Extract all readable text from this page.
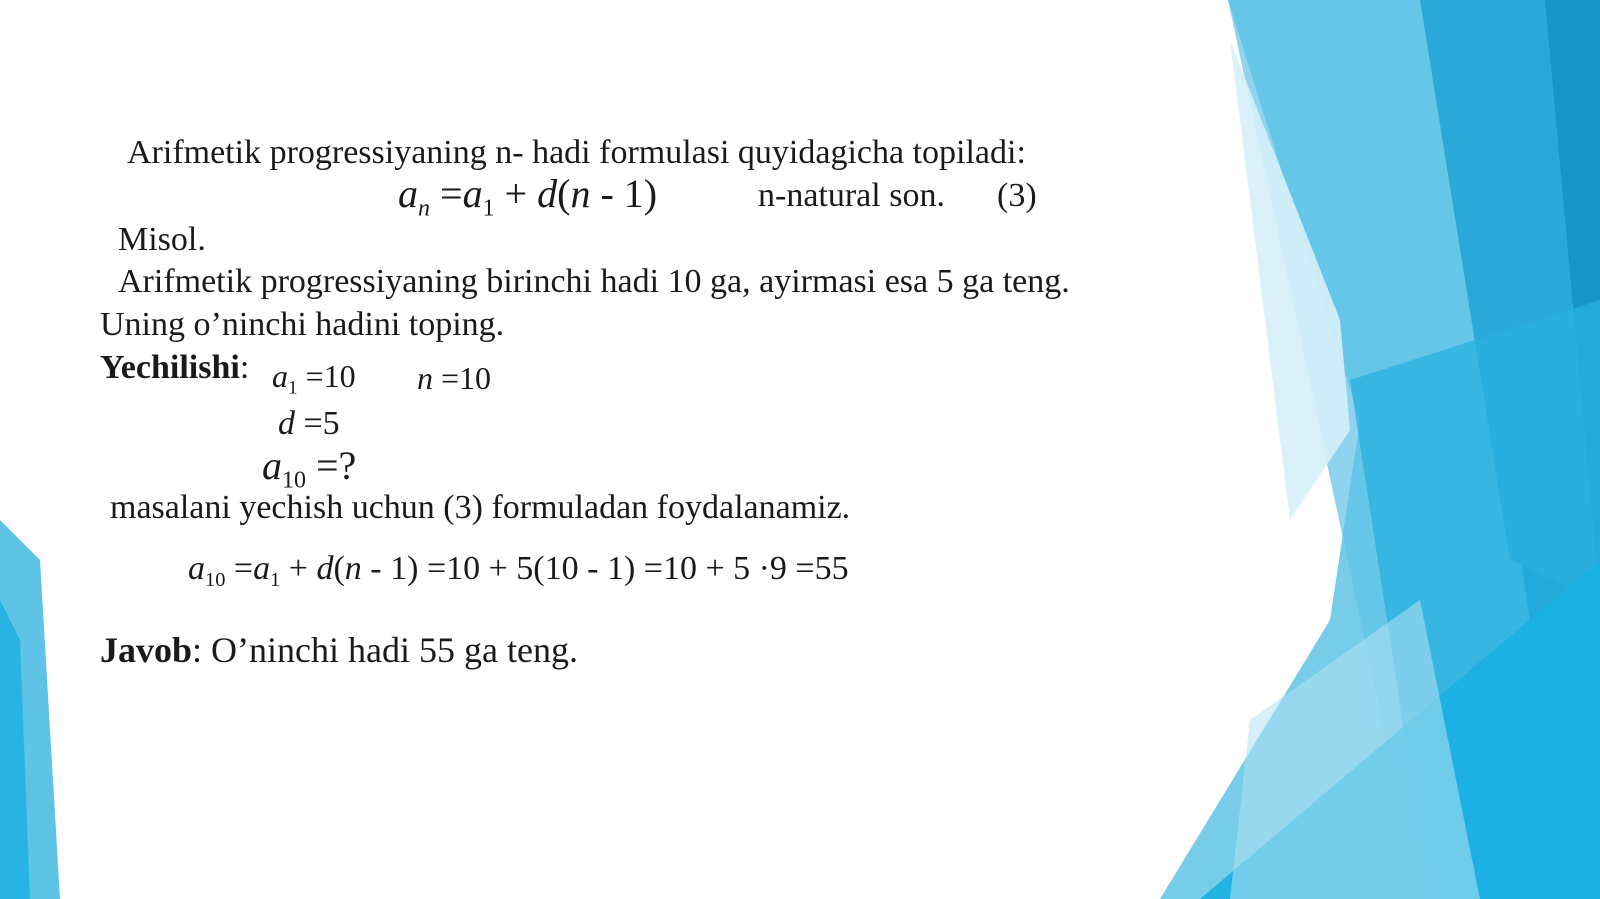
Arifmetik progressiyaning n- hadi formulasi quyidagicha topiladi:
$a_n =a_1 + d(n - 1)$	n-natural son. (3)
Misol.
Arifmetik progressiyaning birinchi hadi 10 ga, ayirmasi esa 5 ga teng.
Uning o’ninchi hadini toping.
Yechilishi: $a_1 =10$ n =10
d =5
$a_{10}$ =?
masalani yechish uchun (3) formuladan foydalanamiz.
$a_{10} =a_1 + d(n - 1) =10 + 5(10 - 1) =10 + 5 \cdot 9 =55$
Javob: O’ninchi hadi 55 ga teng.
